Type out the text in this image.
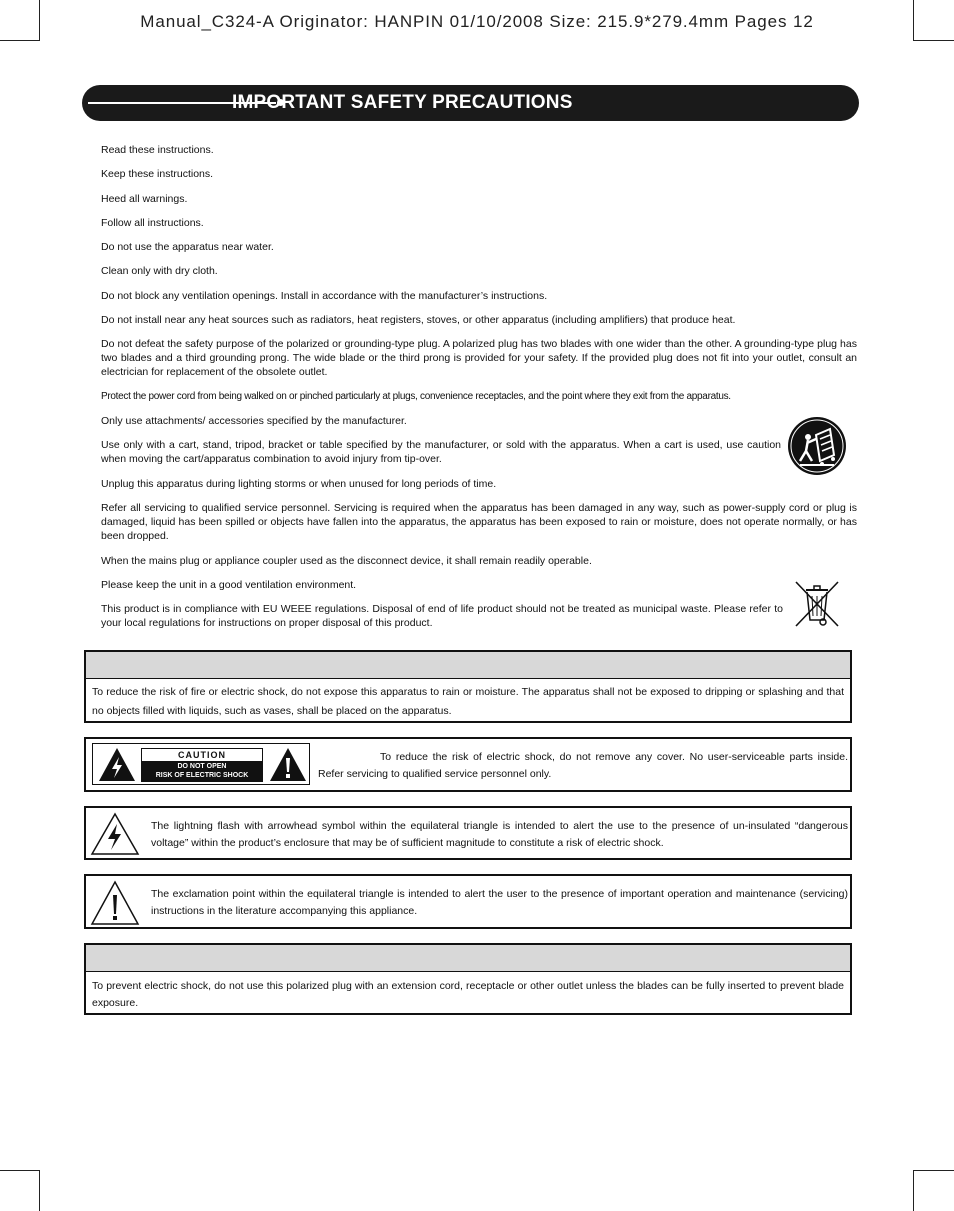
Manual_C324-A Originator: HANPIN 01/10/2008 Size: 215.9*279.4mm Pages 12
IMPORTANT SAFETY PRECAUTIONS
Read these instructions.
Keep these instructions.
Heed all warnings.
Follow all instructions.
Do not use the apparatus near water.
Clean only with dry cloth.
Do not block any ventilation openings. Install in accordance with the manufacturer’s instructions.
Do not install near any heat sources such as radiators, heat registers, stoves, or other apparatus (including amplifiers) that produce heat.
Do not defeat the safety purpose of the polarized or grounding-type plug. A polarized plug has two blades with one wider than the other. A grounding-type plug has two blades and a third grounding prong. The wide blade or the third prong is provided for your safety. If the provided plug does not fit into your outlet, consult an electrician for replacement of the obsolete outlet.
Protect the power cord from being walked on or pinched particularly at plugs, convenience receptacles, and the point where they exit from the apparatus.
Only use attachments/ accessories specified by the manufacturer.
Use only with a cart, stand, tripod, bracket or table specified by the manufacturer, or sold with the apparatus. When a cart is used, use caution when moving the cart/apparatus combination to avoid injury from tip-over.
Unplug this apparatus during lighting storms or when unused for long periods of time.
Refer all servicing to qualified service personnel. Servicing is required when the apparatus has been damaged in any way, such as power-supply cord or plug is damaged, liquid has been spilled or objects have fallen into the apparatus, the apparatus has been exposed to rain or moisture, does not operate normally, or has been dropped.
When the mains plug or appliance coupler used as the disconnect device, it shall remain readily operable.
Please keep the unit in a good ventilation environment.
This product is in compliance with EU WEEE regulations. Disposal of end of life product should not be treated as municipal waste. Please refer to your local regulations for instructions on proper disposal of this product.
To reduce the risk of fire or electric shock, do not expose this apparatus to rain or moisture. The apparatus shall not be exposed to dripping or splashing and that no objects filled with liquids, such as vases, shall be placed on the apparatus.
CAUTION
DO NOT OPEN
RISK OF ELECTRIC SHOCK
To reduce the risk of electric shock, do not remove any cover. No user-serviceable parts inside. Refer servicing to qualified service personnel only.
The lightning flash with arrowhead symbol within the equilateral triangle is intended to alert the use to the presence of un-insulated “dangerous voltage” within the product’s enclosure that may be of sufficient magnitude to constitute a risk of electric shock.
The exclamation point within the equilateral triangle is intended to alert the user to the presence of important operation and maintenance (servicing) instructions in the literature accompanying this appliance.
To prevent electric shock, do not use this polarized plug with an extension cord, receptacle or other outlet unless the blades can be fully inserted to prevent blade exposure.
